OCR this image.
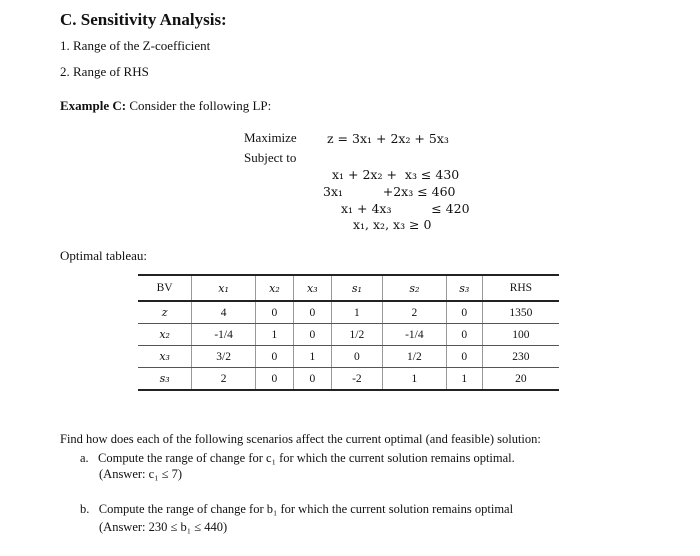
C. Sensitivity Analysis:
1. Range of the Z-coefficient
2. Range of RHS
Example C: Consider the following LP:
Maximize
Subject to
z = 3x₁ + 2x₂ + 5x₃
x₁ + 2x₂ +  x₃ ≤ 430
3x₁          +2x₃ ≤ 460
x₁ + 4x₃          ≤ 420
x₁, x₂, x₃ ≥ 0
Optimal tableau:
BV	x₁	x₂	x₃	s₁	s₂	s₃	RHS
z	4	0	0	1	2	0	1350
x₂	-1/4	1	0	1/2	-1/4	0	100
x₃	3/2	0	1	0	1/2	0	230
s₃	2	0	0	-2	1	1	20
Find how does each of the following scenarios affect the current optimal (and feasible) solution:
a.   Compute the range of change for c₁ for which the current solution remains optimal.
(Answer: c₁ ≤ 7)
b.   Compute the range of change for b₁ for which the current solution remains optimal
(Answer: 230 ≤ b₁ ≤ 440)
